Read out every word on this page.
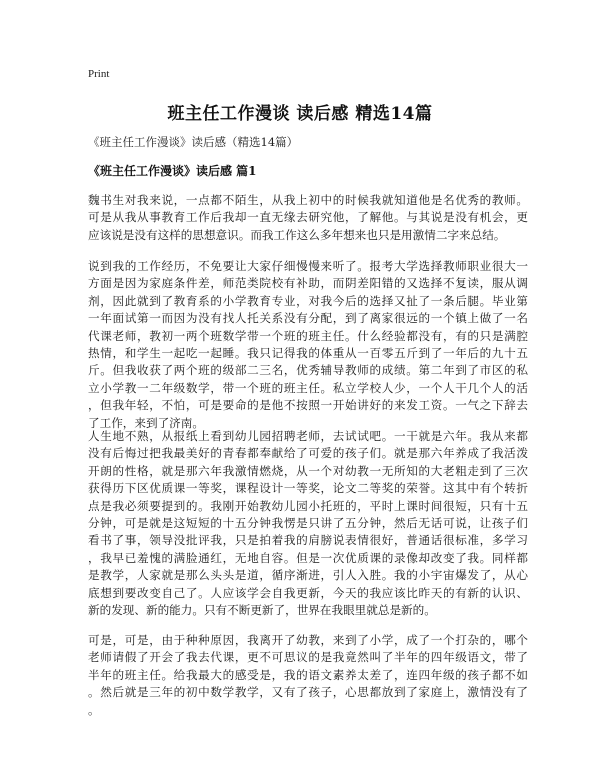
Print
班主任工作漫谈 读后感 精选14篇
《班主任工作漫谈》读后感（精选14篇）
《班主任工作漫谈》读后感 篇1
魏书生对我来说，一点都不陌生，从我上初中的时候我就知道他是名优秀的教师。
可是从我从事教育工作后我却一直无缘去研究他，了解他。与其说是没有机会，更
应该说是没有这样的思想意识。而我工作这么多年想来也只是用激情二字来总结。
说到我的工作经历，不免要让大家仔细慢慢来听了。报考大学选择教师职业很大一
方面是因为家庭条件差，师范类院校有补助，而阴差阳错的又选择不复读，服从调
剂，因此就到了教育系的小学教育专业，对我今后的选择又扯了一条后腿。毕业第
一年面试第一而因为没有找人托关系没有分配，到了离家很远的一个镇上做了一名
代课老师，教初一两个班数学带一个班的班主任。什么经验都没有，有的只是满腔
热情，和学生一起吃一起睡。我只记得我的体重从一百零五斤到了一年后的九十五
斤。但我收获了两个班的级部二三名，优秀辅导教师的成绩。第二年到了市区的私
立小学教一二年级数学，带一个班的班主任。私立学校人少，一个人干几个人的活
，但我年轻，不怕，可是要命的是他不按照一开始讲好的来发工资。一气之下辞去
了工作，来到了济南。
人生地不熟，从报纸上看到幼儿园招聘老师，去试试吧。一干就是六年。我从来都
没有后悔过把我最美好的青春都奉献给了可爱的孩子们。就是那六年养成了我活泼
开朗的性格，就是那六年我激情燃烧，从一个对幼教一无所知的大老粗走到了三次
获得历下区优质课一等奖，课程设计一等奖，论文二等奖的荣誉。这其中有个转折
点是我必须要提到的。我刚开始教幼儿园小托班的，平时上课时间很短，只有十五
分钟，可是就是这短短的十五分钟我愣是只讲了五分钟，然后无话可说，让孩子们
看书了事，领导没批评我，只是拍着我的肩膀说表情很好，普通话很标准，多学习
，我早已羞愧的满脸通红，无地自容。但是一次优质课的录像却改变了我。同样都
是教学，人家就是那么头头是道，循序渐进，引人入胜。我的小宇宙爆发了，从心
底想到要改变自己了。人应该学会自我更新，今天的我应该比昨天的有新的认识、
新的发现、新的能力。只有不断更新了，世界在我眼里就总是新的。
可是，可是，由于种种原因，我离开了幼教，来到了小学，成了一个打杂的，哪个
老师请假了开会了我去代课，更不可思议的是我竟然叫了半年的四年级语文，带了
半年的班主任。给我最大的感受是，我的语文素养太差了，连四年级的孩子都不如
。然后就是三年的初中数学教学，又有了孩子，心思都放到了家庭上，激情没有了
。
